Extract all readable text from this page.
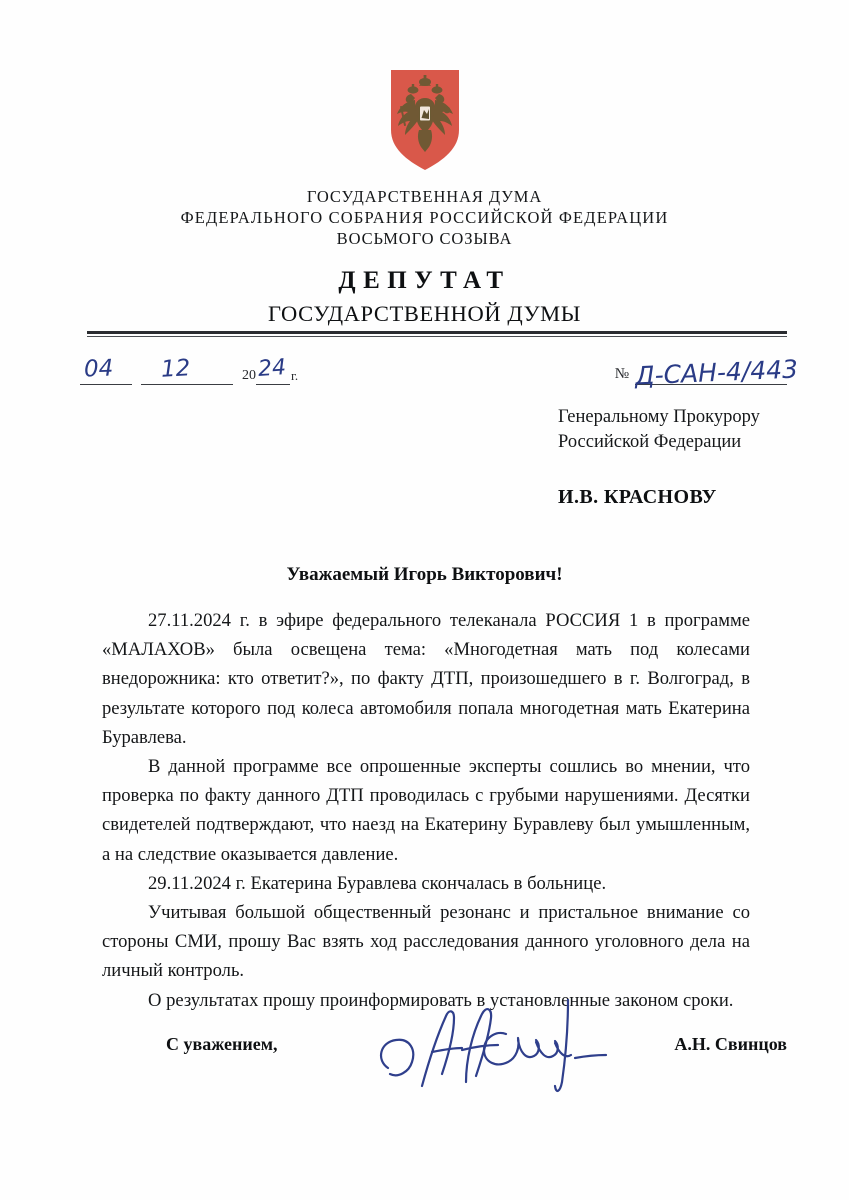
ГОСУДАРСТВЕННАЯ ДУМА
ФЕДЕРАЛЬНОГО СОБРАНИЯ РОССИЙСКОЙ ФЕДЕРАЦИИ
ВОСЬМОГО СОЗЫВА
ДЕПУТАТ
ГОСУДАРСТВЕННОЙ ДУМЫ
04 12	20 24 г.	№ Д-САН-4/443
Генеральному Прокурору
Российской Федерации
И.В. КРАСНОВУ
Уважаемый Игорь Викторович!

27.11.2024 г. в эфире федерального телеканала РОССИЯ 1 в программе «МАЛАХОВ» была освещена тема: «Многодетная мать под колесами внедорожника: кто ответит?», по факту ДТП, произошедшего в г. Волгоград, в результате которого под колеса автомобиля попала многодетная мать Екатерина Буравлева.

В данной программе все опрошенные эксперты сошлись во мнении, что проверка по факту данного ДТП проводилась с грубыми нарушениями. Десятки свидетелей подтверждают, что наезд на Екатерину Буравлеву был умышленным, а на следствие оказывается давление.

29.11.2024 г. Екатерина Буравлева скончалась в больнице.

Учитывая большой общественный резонанс и пристальное внимание со стороны СМИ, прошу Вас взять ход расследования данного уголовного дела на личный контроль.

О результатах прошу проинформировать в установленные законом сроки.

С уважением,	А.Н. Свинцов
